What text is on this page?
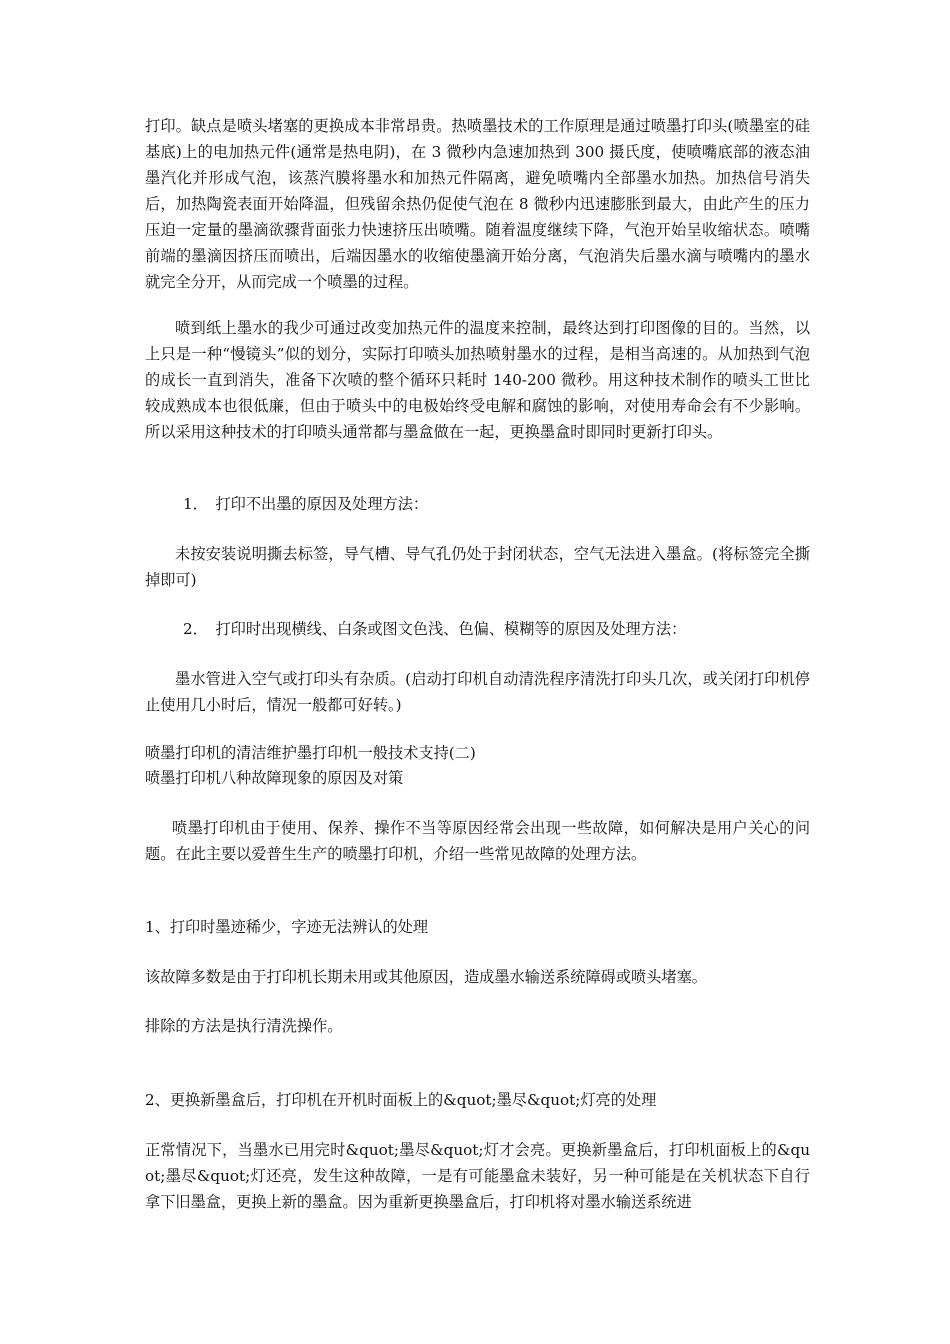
打印。缺点是喷头堵塞的更换成本非常昂贵。热喷墨技术的工作原理是通过喷墨打印头(喷墨室的硅基底)上的电加热元件(通常是热电阴)，在 3 微秒内急速加热到 300 摄氏度，使喷嘴底部的液态油墨汽化并形成气泡，该蒸汽膜将墨水和加热元件隔离，避免喷嘴内全部墨水加热。加热信号消失后，加热陶瓷表面开始降温，但残留余热仍促使气泡在 8 微秒内迅速膨胀到最大，由此产生的压力压迫一定量的墨滴欲骤背面张力快速挤压出喷嘴。随着温度继续下降，气泡开始呈收缩状态。喷嘴前端的墨滴因挤压而喷出，后端因墨水的收缩使墨滴开始分离，气泡消失后墨水滴与喷嘴内的墨水就完全分开，从而完成一个喷墨的过程。

喷到纸上墨水的我少可通过改变加热元件的温度来控制，最终达到打印图像的目的。当然，以上只是一种“慢镜头”似的划分，实际打印喷头加热喷射墨水的过程，是相当高速的。从加热到气泡的成长一直到消失，准备下次喷的整个循环只耗时 140-200 微秒。用这种技术制作的喷头工世比较成熟成本也很低廉，但由于喷头中的电极始终受电解和腐蚀的影响，对使用寿命会有不少影响。所以采用这种技术的打印喷头通常都与墨盒做在一起，更换墨盒时即同时更新打印头。

1．　打印不出墨的原因及处理方法：

未按安装说明撕去标签，导气槽、导气孔仍处于封闭状态，空气无法进入墨盒。(将标签完全撕掉即可)

2．　打印时出现横线、白条或图文色浅、色偏、模糊等的原因及处理方法：

墨水管进入空气或打印头有杂质。(启动打印机自动清洗程序清洗打印头几次，或关闭打印机停止使用几小时后，情况一般都可好转。)

喷墨打印机的清洁维护墨打印机一般技术支持(二)

喷墨打印机八种故障现象的原因及对策

喷墨打印机由于使用、保养、操作不当等原因经常会出现一些故障，如何解决是用户关心的问题。在此主要以爱普生生产的喷墨打印机，介绍一些常见故障的处理方法。

1、打印时墨迹稀少，字迹无法辨认的处理

该故障多数是由于打印机长期未用或其他原因，造成墨水输送系统障碍或喷头堵塞。

排除的方法是执行清洗操作。

2、更换新墨盒后，打印机在开机时面板上的&quot;墨尽&quot;灯亮的处理

正常情况下，当墨水已用完时&quot;墨尽&quot;灯才会亮。更换新墨盒后，打印机面板上的&quot;墨尽&quot;灯还亮，发生这种故障，一是有可能墨盒未装好，另一种可能是在关机状态下自行拿下旧墨盒，更换上新的墨盒。因为重新更换墨盒后，打印机将对墨水输送系统进
